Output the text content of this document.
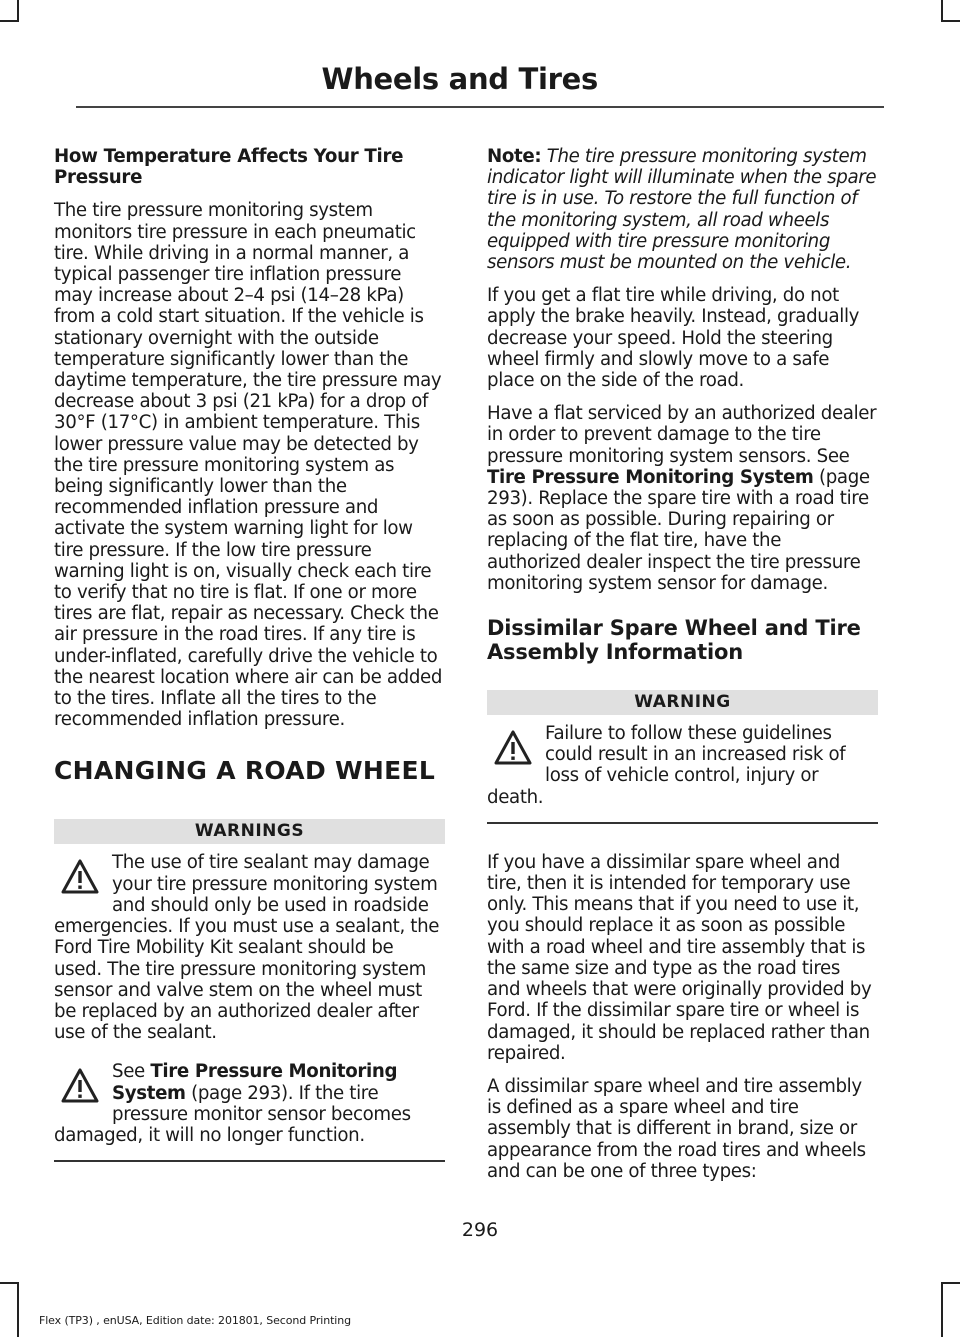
Wheels and Tires
How Temperature Affects Your Tire Pressure

The tire pressure monitoring system monitors tire pressure in each pneumatic tire. While driving in a normal manner, a typical passenger tire inflation pressure may increase about 2–4 psi (14–28 kPa) from a cold start situation. If the vehicle is stationary overnight with the outside temperature significantly lower than the daytime temperature, the tire pressure may decrease about 3 psi (21 kPa) for a drop of 30°F (17°C) in ambient temperature. This lower pressure value may be detected by the tire pressure monitoring system as being significantly lower than the recommended inflation pressure and activate the system warning light for low tire pressure. If the low tire pressure warning light is on, visually check each tire to verify that no tire is flat. If one or more tires are flat, repair as necessary. Check the air pressure in the road tires. If any tire is under-inflated, carefully drive the vehicle to the nearest location where air can be added to the tires. Inflate all the tires to the recommended inflation pressure.

CHANGING A ROAD WHEEL
WARNINGS

The use of tire sealant may damage your tire pressure monitoring system and should only be used in roadside emergencies. If you must use a sealant, the Ford Tire Mobility Kit sealant should be used. The tire pressure monitoring system sensor and valve stem on the wheel must be replaced by an authorized dealer after use of the sealant.

See Tire Pressure Monitoring System (page 293). If the tire pressure monitor sensor becomes damaged, it will no longer function.

Note: The tire pressure monitoring system indicator light will illuminate when the spare tire is in use. To restore the full function of the monitoring system, all road wheels equipped with tire pressure monitoring sensors must be mounted on the vehicle.

If you get a flat tire while driving, do not apply the brake heavily. Instead, gradually decrease your speed. Hold the steering wheel firmly and slowly move to a safe place on the side of the road.

Have a flat serviced by an authorized dealer in order to prevent damage to the tire pressure monitoring system sensors. See Tire Pressure Monitoring System (page 293). Replace the spare tire with a road tire as soon as possible. During repairing or replacing of the flat tire, have the authorized dealer inspect the tire pressure monitoring system sensor for damage.

Dissimilar Spare Wheel and Tire Assembly Information
WARNING

Failure to follow these guidelines could result in an increased risk of loss of vehicle control, injury or death.

If you have a dissimilar spare wheel and tire, then it is intended for temporary use only. This means that if you need to use it, you should replace it as soon as possible with a road wheel and tire assembly that is the same size and type as the road tires and wheels that were originally provided by Ford. If the dissimilar spare tire or wheel is damaged, it should be replaced rather than repaired.

A dissimilar spare wheel and tire assembly is defined as a spare wheel and tire assembly that is different in brand, size or appearance from the road tires and wheels and can be one of three types:

296
Flex (TP3) , enUSA, Edition date: 201801, Second Printing
